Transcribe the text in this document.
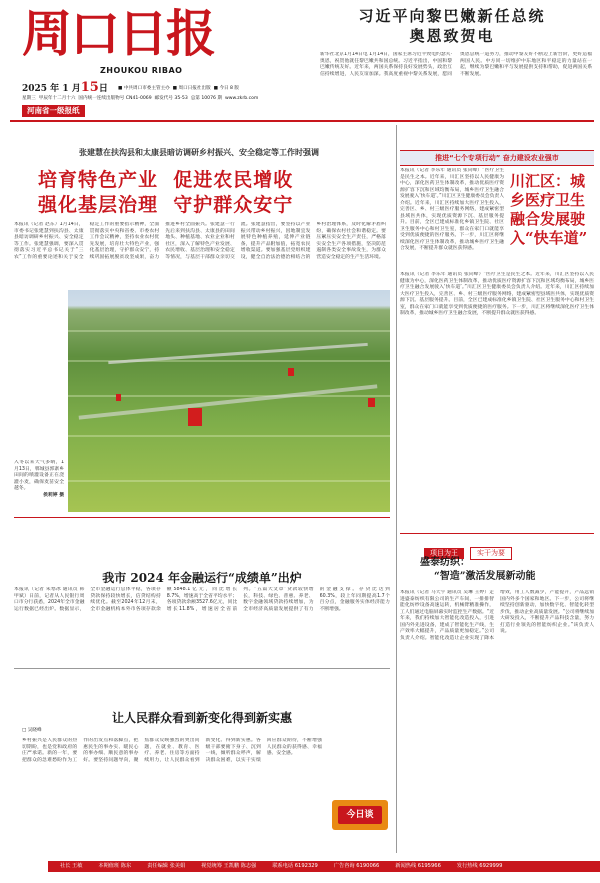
周口日报
ZHOUKOU RIBAO
2025 年 1 月15日
星期三 甲辰年十二月十六 国内统一连续出版物号 CN41-0069 邮发代号 35-53 总第 10076 期 www.zkrb.com
■ 中共周口市委主管主办  ■ 周口日报社出版  ■ 今日 8 版
河南省一级报纸
习近平向黎巴嫩新任总统奥恩致贺电
新华社北京1月14日电 1月14日，国家主席习近平致电约瑟夫·奥恩，祝贺他就任黎巴嫩共和国总统。习近平指出，中国和黎巴嫩传统友好。近年来，两国关系保持良好发展势头，政治互信持续增进，人民友谊加深。我高度重视中黎关系发展，愿同奥恩总统一道努力，推动中黎友好不断迈上新台阶，更好造福两国人民。中方同一切维护中东地区和平稳定的力量站在一起，继续为黎巴嫩和平与发展提供支持和帮助，促进两国关系不断发展。
张建慧在扶沟县和太康县暗访调研乡村振兴、安全稳定等工作时强调
培育特色产业  促进农民增收
强化基层治理  守护群众安宁
本报讯（记者 赵东）1月14日，市委书记张建慧到扶沟县、太康县暗访调研乡村振兴、安全稳定等工作。张建慧强调，要深入贯彻落实习近平总书记关于“三农”工作的重要论述和关于安全稳定工作的重要指示精神，全面贯彻落实中央和省委、市委农村工作会议精神，坚持农业农村优先发展，培育壮大特色产业，强化基层治理，守护群众安宁，持续巩固拓展脱贫攻坚成果，奋力推进乡村全面振兴。张建慧一行先后来到扶沟县、太康县的田间地头、种植基地、农业企业和村社区，深入了解特色产业发展、农民增收、基层治理和安全稳定等情况，与基层干部群众亲切交流。张建慧指出，要坚持以产业振兴带动乡村振兴，因地制宜发展特色种植养殖，延伸产业链条，提升产品附加值，拓宽农民增收渠道。要加强基层党组织建设，健全自治法治德治相结合的乡村治理体系，及时化解矛盾纠纷，确保农村社会和谐稳定。要压紧压实安全生产责任，严格落实安全生产各项措施，坚决防范遏制各类安全事故发生，为群众营造安全稳定的生产生活环境。
入冬以来天气多晴，1月13日，郸城县郭寨乡田间的喷灌设备正在浇灌小麦，确保麦苗安全越冬。

侯莉婷 摄
我市 2024 年金融运行“成绩单”出炉
本报讯（记者 朱寒冰 通讯员 韩甲斌）日前，记者从人民银行周口市分行获悉，2024年全市金融运行数据已经出炉。数据显示，全市金融运行总体平稳，各项存贷款保持较快增长，信贷结构持续优化。截至2024年12月末，全市金融机构本外币各项存款余额5848.1亿元，同比增长8.7%，增速高于全省平均水平；各项贷款余额3527.6亿元，同比增长11.8%，增速居全省前列。“五篇大文章”贷款较快增长，科技、绿色、普惠、养老、数字金融领域贷款持续增加，为全市经济高质量发展提供了有力的金融支撑。存贷比达到60.3%，较上年同期提高1.7个百分点，金融服务实体经济能力不断增强。
让人民群众看到新变化得到新实惠
□ 吴晓峰
乡村振兴是人民群众的热切期盼，也是党和政府的庄严承诺。新的一年，要把群众的急难愁盼作为工作的出发点和落脚点，把惠民生的事办实、暖民心的事办细、顺民意的事办好。要坚持问题导向，聚焦群众反映强烈的突出问题，在就业、教育、医疗、养老、住房等方面持续用力，让人民群众看到新变化、得到新实惠。各级干部要俯下身子、沉到一线，倾听群众呼声，解决群众困难，以实干实绩回应群众期待，不断增强人民群众的获得感、幸福感、安全感。
今日谈
推进“七个专项行动” 奋力建设农业强市
本报讯（记者 李乐年 通讯员 张向峰）“医疗卫生是民生之本。近年来，川汇区坚持以人民健康为中心，深化医药卫生体制改革，推动优质医疗资源扩容下沉和区域均衡布局，城乡医疗卫生融合发展驶入‘快车道’。”川汇区卫生健康委员会负责人介绍。近年来，川汇区持续加大医疗卫生投入，完善区、乡、村三级医疗服务网络，建成紧密型县域医共体，实现优质资源下沉、基层服务提升。目前，全区已建成标准化乡镇卫生院、社区卫生服务中心和村卫生室，群众在家门口就能享受到优质便捷的医疗服务。下一步，川汇区将继续深化医疗卫生体制改革，推动城乡医疗卫生融合发展，不断提升群众就医获得感。
川汇区：城乡医疗卫生
融合发展驶入“快车道”
本报讯（记者 李乐年 通讯员 张向峰）“医疗卫生是民生之本。近年来，川汇区坚持以人民健康为中心，深化医药卫生体制改革，推动优质医疗资源扩容下沉和区域均衡布局，城乡医疗卫生融合发展驶入‘快车道’。”川汇区卫生健康委员会负责人介绍。近年来，川汇区持续加大医疗卫生投入，完善区、乡、村三级医疗服务网络，建成紧密型县域医共体，实现优质资源下沉、基层服务提升。目前，全区已建成标准化乡镇卫生院、社区卫生服务中心和村卫生室，群众在家门口就能享受到优质便捷的医疗服务。下一步，川汇区将继续深化医疗卫生体制改革，推动城乡医疗卫生融合发展，不断提升群众就医获得感。
项目为王	实干为要
盛泰纺织：
“智造”激活发展新动能
本报讯（记者 马天宇 通讯员 吴琳 王婷）走进盛泰纺织有限公司的生产车间，一排排智能化纺纱设备高速运转，机械臂精准操作，工人们通过电脑屏幕实时监控生产数据。“近年来，我们持续加大智能化改造投入，引进国内外先进设备，建成了智能化生产线，生产效率大幅提升，产品质量更加稳定。”公司负责人介绍。智能化改造让企业实现了降本增效，用工人数减少，产能提升，产品远销国内外多个国家和地区。下一步，公司将继续坚持创新驱动，加快数字化、智能化转型步伐，推动企业高质量发展。“公司将继续加大研发投入，不断提升产品科技含量，努力打造行业领先的智能纺织企业。”该负责人说。
社长 王敏	本期值班 陈东	责任编辑 张美娟	视觉统筹 王凯鹏 陈志强	联系电话 6192329	广告咨询 6190066	新闻热线 6195966	发行热线 6929999
